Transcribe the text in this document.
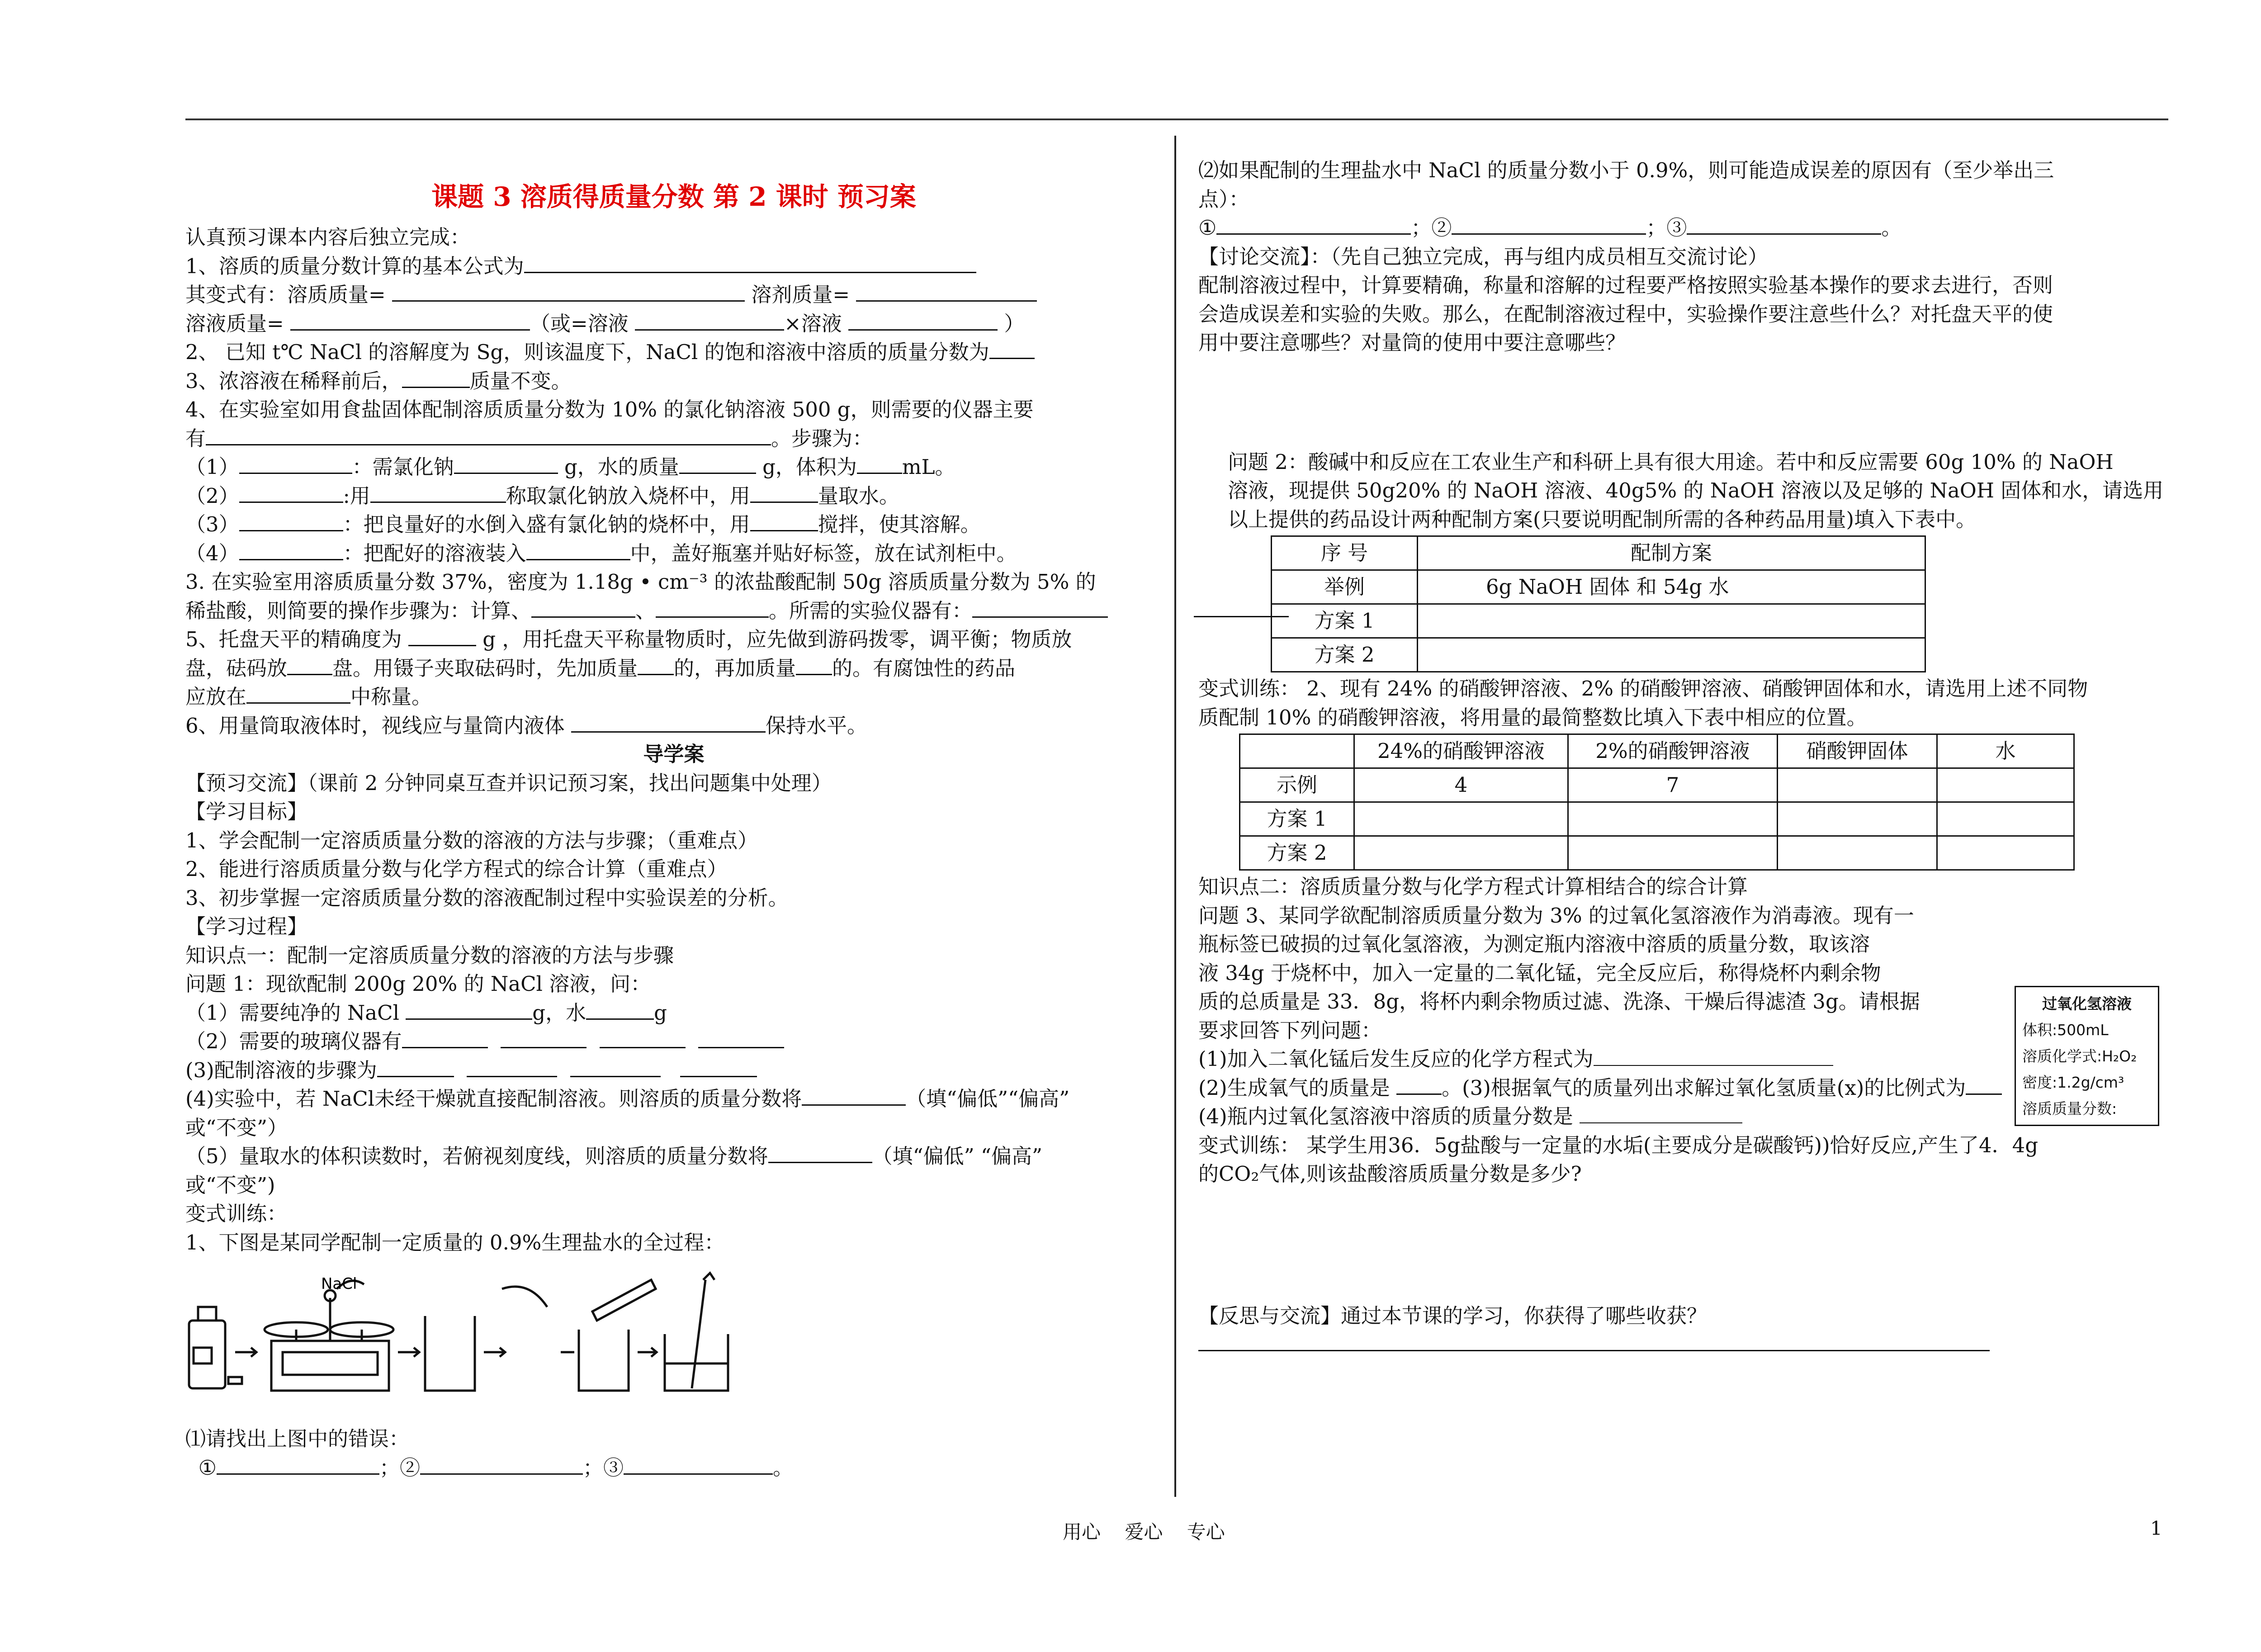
课题 3 溶质得质量分数 第 2 课时 预习案

认真预习课本内容后独立完成：

1、溶质的质量分数计算的基本公式为

其变式有：溶质质量=	溶剂质量=

溶液质量=	（或=溶液	×溶液	）

2、 已知 t℃ NaCl 的溶解度为 Sg，则该温度下，NaCl 的饱和溶液中溶质的质量分数为

3、浓溶液在稀释前后，	质量不变。

4、在实验室如用食盐固体配制溶质质量分数为 10% 的氯化钠溶液 500 g，则需要的仪器主要

有	。步骤为：

（1）	：需氯化钠	g，水的质量	g，体积为 mL。

（2）	:用	称取氯化钠放入烧杯中，用	量取水。

（3）	：把良量好的水倒入盛有氯化钠的烧杯中，用	搅拌，使其溶解。

（4）	：把配好的溶液装入	中，盖好瓶塞并贴好标签，放在试剂柜中。

3. 在实验室用溶质质量分数 37%，密度为 1.18g • cm⁻³ 的浓盐酸配制 50g 溶质质量分数为 5% 的

稀盐酸，则简要的操作步骤为：计算、	、	。所需的实验仪器有：

5、托盘天平的精确度为	g ，用托盘天平称量物质时，应先做到游码拨零，调平衡；物质放

盘，砝码放 盘。用镊子夹取砝码时，先加质量 的，再加质量 的。有腐蚀性的药品

应放在	中称量。

6、用量筒取液体时，视线应与量筒内液体	保持水平。

导学案

【预习交流】（课前 2 分钟同桌互查并识记预习案，找出问题集中处理）

【学习目标】

1、学会配制一定溶质质量分数的溶液的方法与步骤；（重难点）

2、能进行溶质质量分数与化学方程式的综合计算（重难点）

3、初步掌握一定溶质质量分数的溶液配制过程中实验误差的分析。

【学习过程】

知识点一：配制一定溶质质量分数的溶液的方法与步骤

问题 1：现欲配制 200g 20% 的 NaCl 溶液，问：

（1）需要纯净的 NaCl	g，水	g

（2）需要的玻璃仪器有

(3)配制溶液的步骤为

(4)实验中，若 NaCl未经干燥就直接配制溶液。则溶质的质量分数将	（填“偏低”“偏高”

或“不变”）

（5）量取水的体积读数时，若俯视刻度线，则溶质的质量分数将	（填“偏低” “偏高”

或“不变”)

变式训练：

1、下图是某同学配制一定质量的 0.9%生理盐水的全过程：

NaCl

⑴请找出上图中的错误：

①	；②	；③	。

⑵如果配制的生理盐水中 NaCl 的质量分数小于 0.9%，则可能造成误差的原因有（至少举出三

点）：

①	；②	；③	。

【讨论交流】：（先自己独立完成，再与组内成员相互交流讨论）

配制溶液过程中，计算要精确，称量和溶解的过程要严格按照实验基本操作的要求去进行，否则

会造成误差和实验的失败。那么，在配制溶液过程中，实验操作要注意些什么？对托盘天平的使

用中要注意哪些？对量筒的使用中要注意哪些？

问题 2：酸碱中和反应在工农业生产和科研上具有很大用途。若中和反应需要 60g 10% 的 NaOH

溶液，现提供 50g20% 的 NaOH 溶液、40g5% 的 NaOH 溶液以及足够的 NaOH 固体和水，请选用

以上提供的药品设计两种配制方案(只要说明配制所需的各种药品用量)填入下表中。

序 号	配制方案
举例	6g NaOH 固体 和 54g 水
方案 1	
方案 2	

变式训练： 2、现有 24% 的硝酸钾溶液、2% 的硝酸钾溶液、硝酸钾固体和水，请选用上述不同物

质配制 10% 的硝酸钾溶液，将用量的最简整数比填入下表中相应的位置。

	24%的硝酸钾溶液	2%的硝酸钾溶液	硝酸钾固体	水
示例	4	7		
方案 1				
方案 2				

知识点二：溶质质量分数与化学方程式计算相结合的综合计算

问题 3、某同学欲配制溶质质量分数为 3% 的过氧化氢溶液作为消毒液。现有一

瓶标签已破损的过氧化氢溶液，为测定瓶内溶液中溶质的质量分数，取该溶

液 34g 于烧杯中，加入一定量的二氧化锰，完全反应后，称得烧杯内剩余物

质的总质量是 33．8g，将杯内剩余物质过滤、洗涤、干燥后得滤渣 3g。请根据

要求回答下列问题：

(1)加入二氧化锰后发生反应的化学方程式为

(2)生成氧气的质量是 。(3)根据氧气的质量列出求解过氧化氢质量(x)的比例式为

(4)瓶内过氧化氢溶液中溶质的质量分数是

变式训练： 某学生用36．5g盐酸与一定量的水垢(主要成分是碳酸钙))恰好反应,产生了4．4g

的CO₂气体,则该盐酸溶质质量分数是多少?

【反思与交流】通过本节课的学习，你获得了哪些收获？

过氧化氢溶液
体积:500mL
溶质化学式:H₂O₂
密度:1.2g/cm³
溶质质量分数:
用心    爱心    专心	1
